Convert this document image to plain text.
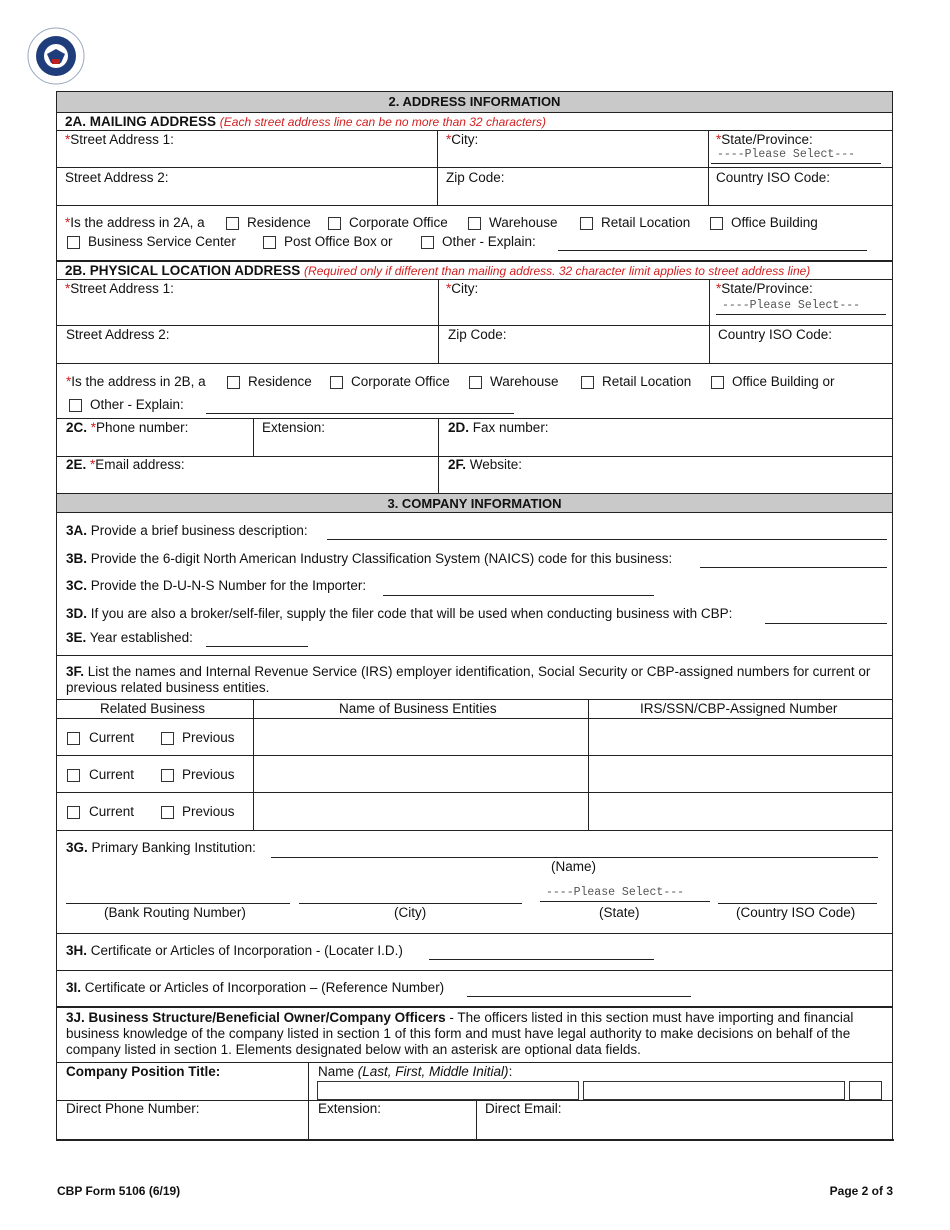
2. ADDRESS INFORMATION
2A. MAILING ADDRESS (Each street address line can be no more than 32 characters)
*Street Address 1:	*City:	*State/Province:
----Please Select---
Street Address 2:	Zip Code:	Country ISO Code:
*Is the address in 2A, a	Residence	Corporate Office	Warehouse	Retail Location	Office Building
Business Service Center	Post Office Box or	Other - Explain:
2B. PHYSICAL LOCATION ADDRESS (Required only if different than mailing address. 32 character limit applies to street address line)
*Street Address 1:	*City:	*State/Province:
----Please Select---
Street Address 2:	Zip Code:	Country ISO Code:
*Is the address in 2B, a	Residence	Corporate Office	Warehouse	Retail Location	Office Building or
Other - Explain:
2C. *Phone number:	Extension:	2D. Fax number:
2E. *Email address:	2F. Website:
3. COMPANY INFORMATION
3A. Provide a brief business description:
3B. Provide the 6-digit North American Industry Classification System (NAICS) code for this business:
3C. Provide the D-U-N-S Number for the Importer:
3D. If you are also a broker/self-filer, supply the filer code that will be used when conducting business with CBP:
3E. Year established:
3F. List the names and Internal Revenue Service (IRS) employer identification, Social Security or CBP-assigned numbers for current or previous related business entities.
Related Business	Name of Business Entities	IRS/SSN/CBP-Assigned Number
Current	Previous
Current	Previous
Current	Previous
3G. Primary Banking Institution:
(Name)
----Please Select---
(Bank Routing Number)	(City)	(State)	(Country ISO Code)
3H. Certificate or Articles of Incorporation - (Locater I.D.)
3I. Certificate or Articles of Incorporation – (Reference Number)
3J. Business Structure/Beneficial Owner/Company Officers - The officers listed in this section must have importing and financial business knowledge of the company listed in section 1 of this form and must have legal authority to make decisions on behalf of the company listed in section 1. Elements designated below with an asterisk are optional data fields.
Company Position Title:	Name (Last, First, Middle Initial):
Direct Phone Number:	Extension:	Direct Email:
CBP Form 5106 (6/19)	Page 2 of 3
